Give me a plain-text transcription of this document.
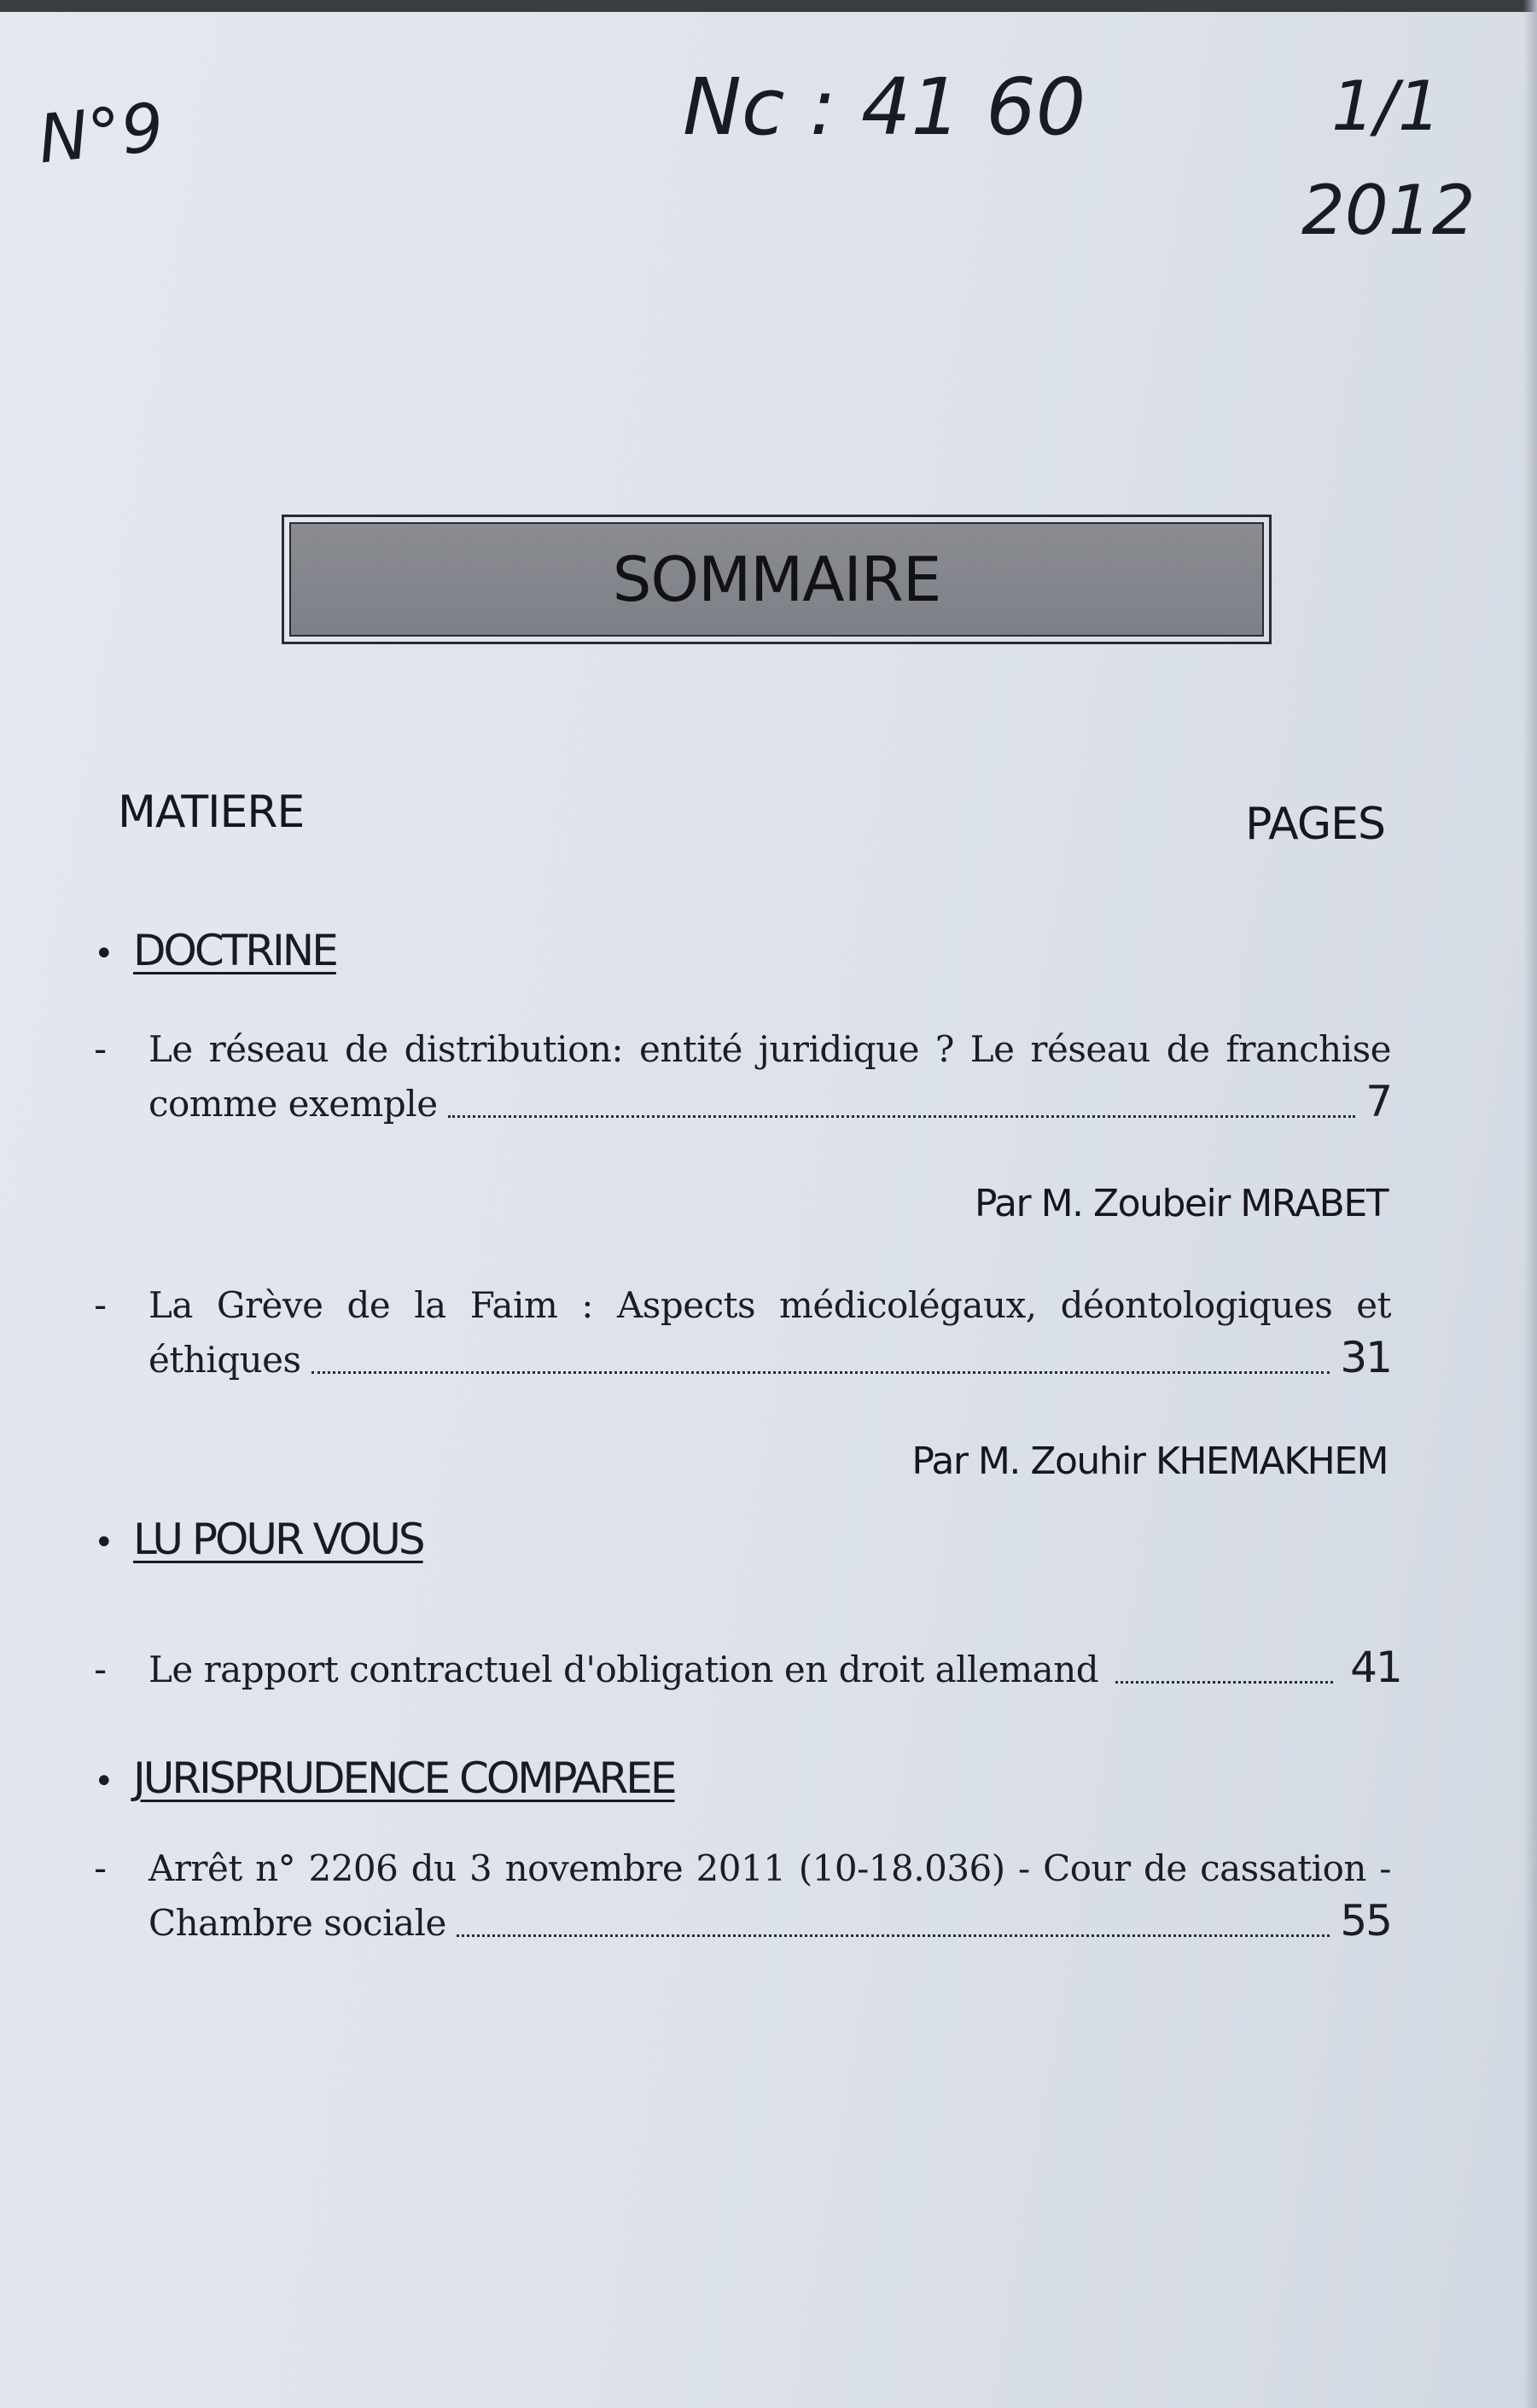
N°9	Nc : 41 60	1/1
2012
SOMMAIRE
MATIERE	PAGES
• DOCTRINE
-	Le réseau de distribution: entité juridique ? Le réseau de franchise
comme exemple	7
Par M. Zoubeir MRABET
-	La Grève de la Faim : Aspects médicolégaux, déontologiques et
éthiques	31
Par M. Zouhir KHEMAKHEM
• LU POUR VOUS
-	Le rapport contractuel d'obligation en droit allemand	41
• JURISPRUDENCE COMPAREE
-	Arrêt n° 2206 du 3 novembre 2011 (10-18.036) - Cour de cassation -
Chambre sociale	55
